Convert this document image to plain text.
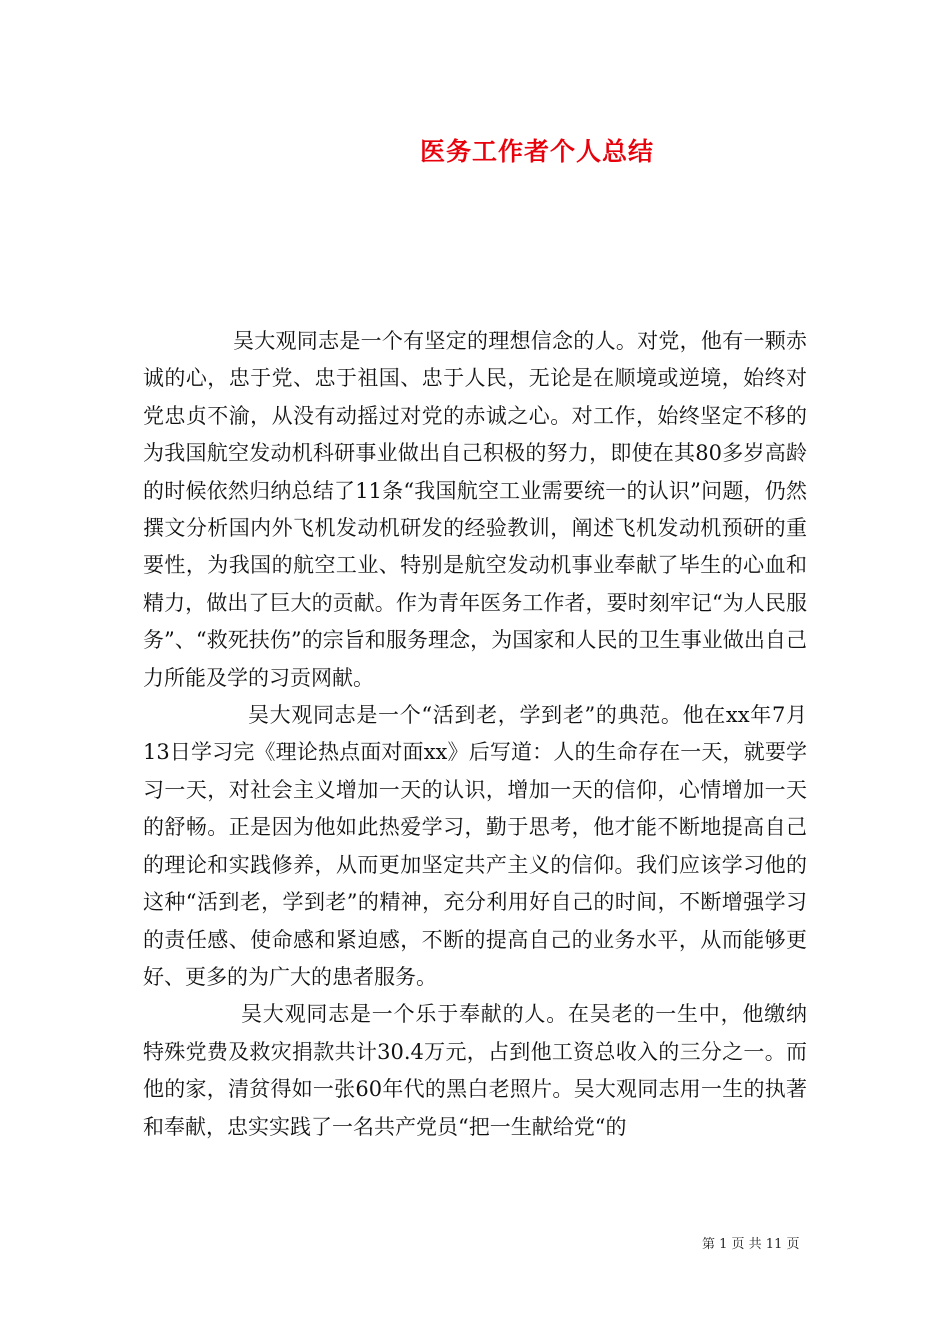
医务工作者个人总结

吴大观同志是一个有坚定的理想信念的人。对党，他有一颗赤诚的心，忠于党、忠于祖国、忠于人民，无论是在顺境或逆境，始终对党忠贞不渝，从没有动摇过对党的赤诚之心。对工作，始终坚定不移的为我国航空发动机科研事业做出自己积极的努力，即使在其80多岁高龄的时候依然归纳总结了11条“我国航空工业需要统一的认识”问题，仍然撰文分析国内外飞机发动机研发的经验教训，阐述飞机发动机预研的重要性，为我国的航空工业、特别是航空发动机事业奉献了毕生的心血和精力，做出了巨大的贡献。作为青年医务工作者，要时刻牢记“为人民服务”、“救死扶伤”的宗旨和服务理念，为国家和人民的卫生事业做出自己力所能及学的习贡网献。

吴大观同志是一个“活到老，学到老”的典范。他在xx年7月13日学习完《理论热点面对面xx》后写道：人的生命存在一天，就要学习一天，对社会主义增加一天的认识，增加一天的信仰，心情增加一天的舒畅。正是因为他如此热爱学习，勤于思考，他才能不断地提高自己的理论和实践修养，从而更加坚定共产主义的信仰。我们应该学习他的这种“活到老，学到老”的精神，充分利用好自己的时间，不断增强学习的责任感、使命感和紧迫感，不断的提高自己的业务水平，从而能够更好、更多的为广大的患者服务。

吴大观同志是一个乐于奉献的人。在吴老的一生中，他缴纳特殊党费及救灾捐款共计30.4万元，占到他工资总收入的三分之一。而他的家，清贫得如一张60年代的黑白老照片。吴大观同志用一生的执著和奉献，忠实实践了一名共产党员“把一生献给党“的

第 1 页 共 11 页
